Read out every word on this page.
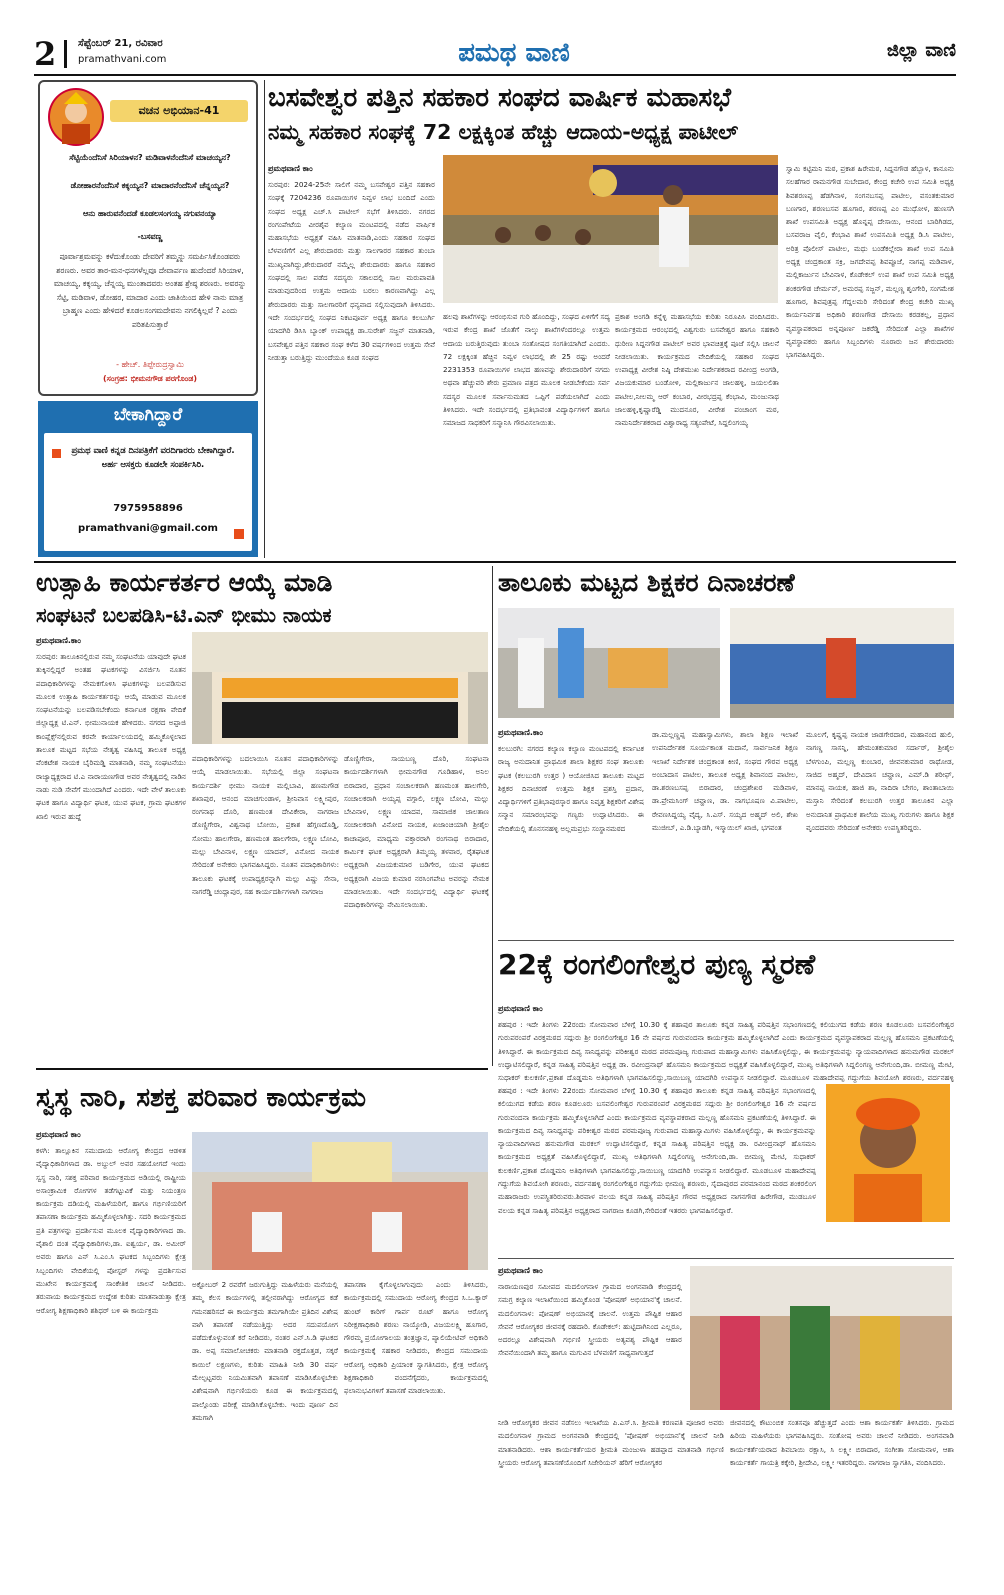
2 ಸೆಪ್ಟೆಂಬರ್ 21, ರವಿವಾರ
pramathvani.com	ಪಮಥ ವಾಣಿ	ಜಿಲ್ಲಾ ವಾಣಿ
ವಚನ ಅಭಿಯಾನ-41
ಸೆಟ್ಟಿಯೆಂದೆನಿಸೆ ಸಿರಿಯಾಳನ? ಮಡಿವಾಳನೆಂದೆನಿಸೆ ಮಾಚಯ್ಯನ?
ಡೋಹಾರನೆಂದೆನಿಸೆ ಕಕ್ಕಯ್ಯನ? ಮಾದಾರನೆಂದೆನಿಸೆ ಚೆನ್ನಯ್ಯನ?
ಆನು ಹಾರುವನೆಂದಡೆ ಕೂಡಲಸಂಗಯ್ಯ ನಗುವನಯ್ಯಾ
-ಬಸವಣ್ಣ
ಪೂರ್ವಾಶ್ರಮವನ್ನು ಕಳೆದುಕೊಂಡು ದೇವರಿಗೆ ತಮ್ಮನ್ನು ಸಮರ್ಪಿಸಿಕೊಂಡವರು ಶರಣರು. ಅವರ ತಾರ-ಮನ-ಧನಗಳೆಲ್ಲವೂ ದೇವಾರ್ಪಣ ಹುದೆಂದರೆ ಸಿರಿಯಾಳ, ಮಾಚಯ್ಯ, ಕಕ್ಕಯ್ಯ, ಚೆನ್ನಯ್ಯ ಮುಂತಾದವರು ಅಂತಹ ಶ್ರೇಷ್ಠ ಶರಣರು. ಅವರನ್ನು ಸೆಟ್ಟಿ, ಮಡಿವಾಳ, ಡೋಹರ, ಮಾದಾರ ಎಂದು ಜಾತಿಯಿಂದ ಹೇಳಿ ನಾನು ಮಾತ್ರ ಬ್ರಾಹ್ಮಣ ಎಂದು ಹೇಳಿದರೆ ಕೂಡಲಸಂಗಮದೇವನು ನಗಲಿಕ್ಕಿಲ್ಲವೆ ? ಎಂದು ಪರಿತಪಿಸುತ್ತಾರೆ
- ಹೇಚ್. ತಿಪ್ಪೇರುದ್ರಸ್ವಾಮಿ
(ಸಂಗ್ರಹ: ಭೀಮನಗೌಡ ಪರಗೊಂಡ)
ಬೇಕಾಗಿದ್ದಾರೆ
ಪ್ರಮಥ ವಾಣಿ ಕನ್ನಡ ದಿನಪತ್ರಿಕೆಗೆ ವರದಿಗಾರರು ಬೇಕಾಗಿದ್ದಾರೆ. ಅರ್ಹ ಆಸಕ್ತರು ಕೂಡಲೇ ಸಂಪರ್ಕಿಸಿರಿ.
7975958896
pramathvani@gmail.com
ಬಸವೇಶ್ವರ ಪತ್ತಿನ ಸಹಕಾರ ಸಂಘದ ವಾರ್ಷಿಕ ಮಹಾಸಭೆ
ನಮ್ಮ ಸಹಕಾರ ಸಂಘಕ್ಕೆ 72 ಲಕ್ಷಕ್ಕಿಂತ ಹೆಚ್ಚು ಆದಾಯ-ಅಧ್ಯಕ್ಷ ಪಾಟೀಲ್
ಪ್ರಮಥವಾಣಿ ಕಾಂ
ಸುರಪುರ: 2024-25ನೇ ಸಾಲಿಗೆ ನಮ್ಮ ಬಸವೇಶ್ವರ ಪತ್ತಿನ ಸಹಕಾರ ಸಂಘಕ್ಕೆ 7204236 ರೂಪಾಯಿಗಳ ನಿವ್ವಳ ಲಾಭ ಬಂದಿದೆ ಎಂದು ಸಂಘದ ಅಧ್ಯಕ್ಷ ಎಚ್.ಸಿ ಪಾಟೀಲ್ ಸಭೆಗೆ ತಿಳಿಸಿದರು. ನಗರದ ರಂಗಂಪೇಟೆಯ ವೀರಶೈವ ಕಲ್ಯಾಣ ಮಂಟಪದಲ್ಲಿ ನಡೆದ ವಾರ್ಷಿಕ ಮಹಾಸಭೆಯ ಅಧ್ಯಕ್ಷತೆ ವಹಿಸಿ ಮಾತನಾಡಿ,ಎಂದು ಸಹಕಾರ ಸಂಘದ ಬೆಳವಣಿಗೆಗೆ ಎಲ್ಲ ಶೇರುದಾರರು ಮತ್ತು ಸಾಲಗಾರರ ಸಹಕಾರ ತುಂಬಾ ಮುಖ್ಯವಾಗಿದ್ದು,ಶೇರುದಾರರೆ ನಮ್ಮೆಲ್ಲ ಶೇರುದಾರರು ಹಾಗೂ ಸಹಕಾರ ಸಂಘದಲ್ಲಿ ಸಾಲ ಪಡೆದ ಸದಸ್ಯರು ಸಕಾಲದಲ್ಲಿ ಸಾಲ ಮರುಪಾವತಿ ಮಾಡುವುದರಿಂದ ಉತ್ತಮ ಆದಾಯ ಬರಲು ಕಾರಣವಾಗಿದ್ದು ಎಲ್ಲ ಶೇರುದಾರರು ಮತ್ತು ಸಾಲಗಾರರಿಗೆ ಧನ್ಯವಾದ ಸಲ್ಲಿಸುವುದಾಗಿ ತಿಳಿಸಿದರು. ಇದೇ ಸಂದರ್ಭದಲ್ಲಿ ಸಂಘದ ನಿಕಟಪೂರ್ವ ಅಧ್ಯಕ್ಷ ಹಾಗೂ ಕಲಬುರ್ಗಿ ಯಾದಗಿರಿ ಡಿಸಿಸಿ ಬ್ಯಾಂಕ್ ಉಪಾಧ್ಯಕ್ಷ ಡಾ.ಸುರೇಶ್ ಸಜ್ಜನ್ ಮಾತನಾಡಿ, ಬಸವೇಶ್ವರ ಪತ್ತಿನ ಸಹಕಾರ ಸಂಘ ಕಳೆದ 30 ವರ್ಷಗಳಿಂದ ಉತ್ತಮ ಸೇವೆ ನೀಡುತ್ತಾ ಬರುತ್ತಿದ್ದು ಮುಂದೆಯೂ ಕೂಡ ಸಂಘದ
ಹಲವು ಶಾಖೆಗಳನ್ನು ಆರಂಭಿಸುವ ಗುರಿ ಹೊಂದಿದ್ದು, ಸಂಘದ ಏಳಿಗೆಗೆ ಸದ್ಯ ಇರುವ ಕೇಂದ್ರ ಶಾಖೆ ಜೊತೆಗೆ ನಾಲ್ಕು ಶಾಖೆಗಳೆಂದರಲ್ಲೂ ಉತ್ತಮ ಆದಾಯ ಬರುತ್ತಿರುವುದು ತುಂಬಾ ಸಂತೋಷದ ಸಂಗತಿಯಾಗಿದೆ ಎಂದರು. 72 ಲಕ್ಷಕ್ಕಿಂತ ಹೆಚ್ಚಿನ ನಿವ್ವಳ ಲಾಭದಲ್ಲಿ ಶೇ 25 ರಷ್ಟು ಅಂದರೆ 2231353 ರೂಪಾಯಿಗಳ ಲಾಭದ ಹಣವನ್ನು ಶೇರುದಾರರಿಗೆ ನಗದು ಅಥವಾ ಹೆಚ್ಚುವರಿ ಶೇರು ಪ್ರಮಾಣ ಪತ್ರದ ಮೂಲಕ ನೀಡಬೇಕೆಂದು ಸರ್ವ ಸದಸ್ಯರ ಮೂಲಕ ಸರ್ವಾನುಮತದ ಒಪ್ಪಿಗೆ ಪಡೆಯಲಾಗಿದೆ ಎಂದು ತಿಳಿಸಿದರು. ಇದೇ ಸಂದರ್ಭದಲ್ಲಿ ಪ್ರತಿಭಾವಂತ ವಿದ್ಯಾರ್ಥಿಗಳಿಗೆ ಹಾಗೂ ಸಮಾಜದ ಸಾಧಕರಿಗೆ ಸನ್ಮಾನಿಸಿ ಗೌರವಿಸಲಾಯಿತು.
ಪ್ರಕಾಶ ಅಂಗಡಿ ಕನ್ನೆಳ್ಳಿ ಮಹಾಸಭೆಯ ಕುರಿತು ನಿರೂಪಿಸಿ ವಂದಿಸಿದರು. ಕಾರ್ಯಕ್ರಮದ ಆರಂಭದಲ್ಲಿ ವಿಶ್ವಗುರು ಬಸವೇಶ್ವರ ಹಾಗೂ ಸಹಕಾರಿ ಧುರೀಣ ಸಿದ್ದನಗೌಡ ಪಾಟೀಲ್ ಅವರ ಭಾವಚಿತ್ರಕ್ಕೆ ಪೂಜೆ ಸಲ್ಲಿಸಿ ಚಾಲನೆ ನೀಡಲಾಯಿತು. ಕಾರ್ಯಕ್ರಮದ ವೇದಿಕೆಯಲ್ಲಿ ಸಹಕಾರ ಸಂಘದ ಉಪಾಧ್ಯಕ್ಷ ವೀರೇಶ ನಿಷ್ಠಿ ದೇಶಮುಖ ನಿರ್ದೇಶಕರಾದ ರವೀಂದ್ರ ಅಂಗಡಿ, ವಿಜಯಕುಮಾರ ಬಂಡೋಳಿ, ಮಲ್ಲಿಕಾರ್ಜುನ ಜಾಲಹಳ್ಳಿ, ಜಯಲಲಿತಾ ಪಾಟೀಲ,ನೀಲಮ್ಮ ಆರ್ ಕಂಬಾರ, ವೀರಭದ್ರಪ್ಪ ಕೆಂಭಾವಿ, ಮಂಜುನಾಥ ಜಾಲಹಳ್ಳಿ,ಕೃಷ್ಣಾರೆಡ್ಡಿ ಮುದನೂರ, ವೀರೇಶ ಪಂಚಾಂಗ ಮಠ, ನಾಮನಿರ್ದೇಶಕರಾದ ವಿಶ್ವಾರಾಧ್ಯ ಸತ್ಯಂಪೇಟೆ, ಸಿದ್ದಲಿಂಗಯ್ಯ
ಸ್ವಾಮಿ ಕಟ್ಟಿಮನಿ ಮಠ, ಪ್ರಕಾಶ ಹಿರೇಮಠ, ಸಿದ್ದನಗೌಡ ಹೆಬ್ಬಾಳ, ಕಾನೂನು ಸಲಹೆಗಾರ ರಾಮನಗೌಡ ಸುಬೇದಾರ, ಕೇಂದ್ರ ಕಚೇರಿ ಉಪ ಸಮಿತಿ ಅಧ್ಯಕ್ಷ ಶಿವಶರಣಪ್ಪ ಹೆಡಗಿನಾಳ, ಸಂಗನಬಸಪ್ಪ ಪಾಟೀಲ, ವಸಂತಕುಮಾರ ಬಣಗಾರ, ಶರಣಬಸವ ಹೂಗಾರ, ಶರಣಪ್ಪ ಎಂ ಮುಧೋಳ, ಹುಣಸಗಿ ಶಾಖೆ ಉಪಸಮಿತಿ ಅಧ್ಯಕ್ಷ ಹೊನ್ನಪ್ಪ ದೇಸಾಯಿ, ಆನಂದ ಬಾರಿಗಿಡದ, ಬಸವರಾಜ ವೈಲಿ, ಕೆಂಭಾವಿ ಶಾಖೆ ಉಪಸಮಿತಿ ಅಧ್ಯಕ್ಷ ಡಿ.ಸಿ ಪಾಟೀಲ, ಅರಿತ್ರ ಪೊಲೀಸ್ ಪಾಟೀಲ, ಮಧು ಬಂಡೆಕಲ್ಲೇರಾ ಶಾಖೆ ಉಪ ಸಮಿತಿ ಅಧ್ಯಕ್ಷ ಚಂದ್ರಕಾಂತ ಸಕ್ರಿ, ಜಗದೇವಪ್ಪ ಶಿವಪ್ಪೂಜೆ, ನಾಗಪ್ಪ ಮಡಿವಾಳ, ಮಲ್ಲಿಕಾರ್ಜುನ ಬೇವಿನಾಳ, ಕೊಡೇಕಲ್ ಉಪ ಶಾಖೆ ಉಪ ಸಮಿತಿ ಅಧ್ಯಕ್ಷ ಶಂಕರಗೌಡ ಚೇರ್ಮನ್, ಅಮರಪ್ಪ ಸಜ್ಜನ್, ಮಲ್ಲಣ್ಣ ಶೃಂಗೇರಿ, ಸಂಗಮೇಶ ಹೂಗಾರ, ಶಿವಪುತ್ರಪ್ಪ ಗೆದ್ದಲಮರಿ ಸೇರಿದಂತೆ ಕೇಂದ್ರ ಕಚೇರಿ ಮುಖ್ಯ ಕಾರ್ಯನಿರ್ವಹ ಅಧಿಕಾರಿ ಶರಣಗೌಡ ದೇಸಾಯಿ ಕರಡಕಲ್ಲ, ಪ್ರಧಾನ ವ್ಯವಸ್ಥಾಪಕರಾದ ಅನ್ನಪೂರ್ಣ ಜಕರೆಡ್ಡಿ ಸೇರಿದಂತೆ ಎಲ್ಲಾ ಶಾಖೆಗಳ ವ್ಯವಸ್ಥಾಪಕರು ಹಾಗೂ ಸಿಬ್ಬಂದಿಗಳು ನೂರಾರು ಜನ ಶೇರುದಾರರು ಭಾಗವಹಿಸಿದ್ದರು.
ಉತ್ಸಾಹಿ ಕಾರ್ಯಕರ್ತರ ಆಯ್ಕೆ ಮಾಡಿ
ಸಂಘಟನೆ ಬಲಪಡಿಸಿ-ಟಿ.ಎನ್ ಭೀಮು ನಾಯಕ
ಪ್ರಮಥವಾಣಿ.ಕಾಂ
ಸುರಪುರ: ತಾಲೂಕಿನಲ್ಲಿರುವ ನಮ್ಮ ಸಂಘಟನೆಯ ಯಾವುದೇ ಘಟಕ ತುಕ್ಕಿನಲ್ಲಿದ್ದರೆ ಅಂತಹ ಘಟಕಗಳನ್ನು ವಿಸರ್ಜಿಸಿ ನೂತನ ಪದಾಧಿಕಾರಿಗಳನ್ನು ನೇಮಕಗೊಳಿಸಿ ಘಟಕಗಳನ್ನು ಬಲಪಡಿಸುವ ಮೂಲಕ ಉತ್ಸಾಹಿ ಕಾರ್ಯಕರ್ತರನ್ನು ಆಯ್ಕೆ ಮಾಡುವ ಮೂಲಕ ಸಂಘಟನೆಯನ್ನು ಬಲಪಡಿಸಬೇಕೆಂದು ಕರ್ನಾಟಕ ರಕ್ಷಣಾ ವೇದಿಕೆ ಜಿಲ್ಲಾಧ್ಯಕ್ಷ ಟಿ.ಎನ್. ಭೀಮುನಾಯಕ ಹೇಳಿದರು. ನಗರದ ಅಪ್ಪಾಜಿ ಕಾಂಪ್ಲೆಕ್ಸ್‌ನಲ್ಲಿರುವ ಕರವೇ ಕಾರ್ಯಾಲಯದಲ್ಲಿ ಹಮ್ಮಿಕೊಳ್ಳಲಾದ ತಾಲೂಕ ಮಟ್ಟದ ಸಭೆಯ ನೇತೃತ್ವ ವಹಿಸಿದ್ದ ತಾಲೂಕ ಅಧ್ಯಕ್ಷ ವೆಂಕಟೇಶ ನಾಯಕ ಬೈರಿಮಡ್ಡಿ ಮಾತನಾಡಿ, ನಮ್ಮ ಸಂಘಟನೆಯು ರಾಜ್ಯಾಧ್ಯಕ್ಷರಾದ ಟಿ.ಎ ನಾರಾಯಣಗೌಡ ಅವರ ನೇತೃತ್ವದಲ್ಲಿ ನಾಡಿನ ನಾಡು ನುಡಿ ಸೇವೆಗೆ ಮುಂದಾಗಿದೆ ಎಂದರು. ಇದೇ ವೇಳೆ ತಾಲೂಕು ಘಟಕ ಹಾಗೂ ವಿದ್ಯಾರ್ಥಿ ಘಟಕ, ಯುವ ಘಟಕ, ಗ್ರಾಮ ಘಟಕಗಳ ಖಾಲಿ ಇರುವ ಹುದ್ದೆ
ಪದಾಧಿಕಾರಿಗಳನ್ನು ಬದಲಾಯಿಸಿ ನೂತನ ಪದಾಧಿಕಾರಿಗಳನ್ನು ಆಯ್ಕೆ ಮಾಡಲಾಯಿತು. ಸಭೆಯಲ್ಲಿ ಜಿಲ್ಲಾ ಸಂಘಟನಾ ಕಾರ್ಯದರ್ಶಿ ಭೀಮು ನಾಯಕ ಮಲ್ಲಿಬಾವಿ, ಹಣಮಗೌಡ ಶಖಾಪುರ, ಆನಂದ ಮಾಚಗುಂಡಾಳ, ಶ್ರೀನಿವಾಸ ಲಕ್ಷ್ಮೀಪುರ, ರಂಗನಾಥ ದೊರಿ, ಹಣಮಂತ ದೇವಿಕೇರಾ, ನಾಗರಾಜ ಡೊಣ್ಣಿಗೇರಾ, ವಿಶ್ವನಾಥ ಬೋಯಿ, ಪ್ರಕಾಶ ಹೆಗ್ಗಣದೊಡ್ಡಿ, ಸೋಮು ಹಾಲಗೇರಾ, ಹಣಮಂತ ಹಾಲಗೇರಾ, ಲಕ್ಷ್ಮಣ ಬೋವಿ, ಮಲ್ಲು ಬೇವಿನಾಳ, ಲಕ್ಷ್ಮಣ ಯಾದವ್, ವಿನೋದ ನಾಯಕ ಸೇರಿದಂತೆ ಅನೇಕರು ಭಾಗವಹಿಸಿದ್ದರು. ನೂತನ ಪದಾಧಿಕಾರಿಗಳು: ತಾಲೂಕು ಘಟಕಕ್ಕೆ ಉಪಾಧ್ಯಕ್ಷರನ್ನಾಗಿ ಮಲ್ಲು ವಿಷ್ಣು ಸೇನಾ, ನಾಗರೆಡ್ಡಿ ಚಂದ್ಲಾಪುರ, ಸಹ ಕಾರ್ಯದರ್ಶಿಗಳಾಗಿ ನಾಗರಾಜ
ಡೊಣ್ಣಿಗೇರಾ, ಸಾಯಬಣ್ಣ ದೊರಿ, ಸಂಘಟನಾ ಕಾರ್ಯದರ್ಶಿಗಳಾಗಿ ಭೀಮನಗೌಡ ಗೂಡಿಹಾಳ, ಅನಿಲ ಬಿರಾದಾರ, ಪ್ರಧಾನ ಸಂಚಾಲಕರಾಗಿ ಹಣಮಂತ ಹಾಲಗೇರಿ, ಸಂಚಾಲಕರಾಗಿ ಅಯ್ಯಪ್ಪ ವಗ್ಗಾಲಿ, ಲಕ್ಷ್ಮಣ ಬೋವಿ, ಮಲ್ಲು ಬೇವಿನಾಳ, ಲಕ್ಷ್ಮಣ ಯಾದವ, ಸಾಮಾಜಿಕ ಜಾಲತಾಣ ಸಂಚಾಲಕರಾಗಿ ವಿನೋದ ನಾಯಕ, ಖಜಾಂಚಿಯಾಗಿ ಶ್ರೀಶೈಲ ಕಾಚಾಪೂರ, ಮಾಧ್ಯಮ ವಕ್ತಾರರಾಗಿ ರಂಗನಾಥ ಬಿರಾದಾರ, ಕಾರ್ಮಿಕ ಘಟಕ ಅಧ್ಯಕ್ಷರಾಗಿ ತಿಮ್ಮಯ್ಯ ತಳವಾರ, ರೈತಘಟಕ ಅಧ್ಯಕ್ಷರಾಗಿ ವಿಜಯಕುಮಾರ ಬಡಿಗೇರ, ಯುವ ಘಟಕದ ಅಧ್ಯಕ್ಷರಾಗಿ ವಿಜಯ ಕುಮಾರ ನರಸಿಂಗಪೇಟ ಅವರನ್ನು ನೇಮಕ ಮಾಡಲಾಯಿತು. ಇದೇ ಸಂದರ್ಭದಲ್ಲಿ ವಿದ್ಯಾರ್ಥಿ ಘಟಕಕ್ಕೆ ಪದಾಧಿಕಾರಿಗಳನ್ನು ನೇಮಿಸಲಾಯಿತು.
ತಾಲೂಕು ಮಟ್ಟದ ಶಿಕ್ಷಕರ ದಿನಾಚರಣೆ
ಪ್ರಮಥವಾಣಿ.ಕಾಂ
ಕಲಬುರಗಿ: ನಗರದ ಕಲ್ಯಾಣ ಕಲ್ಯಾಣ ಮಂಟಪದಲ್ಲಿ ಕರ್ನಾಟಕ ರಾಜ್ಯ ಅನುದಾನಿತ ಪ್ರಾಥಮಿಕ ಶಾಲಾ ಶಿಕ್ಷಕರ ಸಂಘ ತಾಲೂಕು ಘಟಕ (ಕಲಬುರಗಿ ಉತ್ತರ ) ಆಯೋಜಿಸಿದ ತಾಲೂಕು ಮಟ್ಟದ ಶಿಕ್ಷಕರ ದಿನಾಚರಣೆ ಉತ್ತಮ ಶಿಕ್ಷಕ ಪ್ರಶಸ್ತಿ ಪ್ರದಾನ, ವಿದ್ಯಾರ್ಥಿಗಳಿಗೆ ಪ್ರತಿಭಾಪುರಸ್ಕಾರ ಹಾಗೂ ನಿವೃತ್ತ ಶಿಕ್ಷಕರಿಗೆ ವಿಶೇಷ ಸನ್ಮಾನ ಸಮಾರಂಭವನ್ನು ಗಣ್ಯರು ಉದ್ಘಾಟಿಸಿದರು. ಈ ವೇದಿಕೆಯಲ್ಲಿ ತೊನಸನಹಳ್ಳಿ ಅಲ್ಲಮಪ್ರಭು ಸಂಸ್ಥಾನಮಠದ
ಡಾ.ಮಲ್ಲಣ್ಣಪ್ಪ ಮಹಾಸ್ವಾಮಿಗಳು, ಶಾಲಾ ಶಿಕ್ಷಣ ಇಲಾಖೆ ಉಪನಿರ್ದೇಶಕ ಸೂರ್ಯಕಾಂತ ಮದಾನೆ, ಸಾರ್ವಜನಿಕ ಶಿಕ್ಷಣ ಇಲಾಖೆ ನಿರ್ದೇಶಕ ಚಂದ್ರಕಾಂತ ಕೀಣಿ, ಸಂಘದ ಗೌರವ ಅಧ್ಯಕ್ಷ ಅಂಬಾದಾಸ ಪಾಟೀಲ, ತಾಲೂಕ ಅಧ್ಯಕ್ಷ ಶಿವಾನಂದ ಪಾಟೀಲ, ಡಾ.ಶರಣಬಸಪ್ಪ ಬಿರಾದಾರ, ಚಂದ್ರಶೇಖರ ಮಡಿವಾಳ, ಡಾ.ಪ್ರೇಮಸಿಂಗ್ ಚವ್ಹಾಣ, ಡಾ. ನಾಗಭೂಷಣ ವಿ.ಪಾಟೀಲ, ರೇವಣಸಿದ್ದಯ್ಯ ವೈದ್ಯ, ಸಿ.ಎಸ್. ಸಯ್ಯದ ಅಹ್ಮದ್ ಅಲಿ, ಶೇಖ ಮುಜೀಬ್, ಎ.ಡಿ.ಬ್ಯಾಡಗಿ, ಇಸ್ಮಾಯಿಲ್ ಖಾಜಿ, ಭಗವಂತ
ಮೂಲಗೆ, ಕೃಷ್ಣಪ್ಪ ನಾಯಕ ಜಾಡಗೇರದಾರ, ಮಹಾನಂದ ಹುಲಿ, ನಾಗಣ್ಣ ಸಾಸನ್ನಿ, ಹೇಮಂತಕುಮಾರ ಸರ್ದಾರ್, ಶ್ರೀಶೈಲ ಬೆಳಗುಂಪಿ, ಮಲ್ಲಣ್ಣ ಕುಂಬಾರ, ಜೀವನಕುಮಾರ ರಾಥೋಡ, ಸಾಜಿದ ಅಹ್ಮದ್, ದೇವಿದಾಸ ಚವ್ಹಾಣ, ಎಮ್.ಡಿ ಶರೀಫ್, ಮಾನಪ್ಪ ನಾಯಕ, ಹಾಜಿ ಶಾ, ನಾದಿರಾ ಬೇಗಂ, ಶಾಂತಾಬಾಯಿ ಮಸ್ತಾನಿ ಸೇರಿದಂತೆ ಕಲಬುರಗಿ ಉತ್ತರ ತಾಲೂಕಿನ ಎಲ್ಲಾ ಅನುದಾನಿತ ಪ್ರಾಥಮಿಕ ಶಾಲೆಯ ಮುಖ್ಯ ಗುರುಗಳು ಹಾಗೂ ಶಿಕ್ಷಕ ವೃಂದದವರು ಸೇರಿದಂತೆ ಅನೇಕರು ಉಪಸ್ಥಿತರಿದ್ದರು.
22ಕ್ಕೆ ರಂಗಲಿಂಗೇಶ್ವರ ಪುಣ್ಯ ಸ್ಮರಣೆ
ಪ್ರಮಥವಾಣಿ ಕಾಂ
ಶಹಪುರ : ಇದೇ ತಿಂಗಳು 22ರಂದು ಸೋಮವಾರ ಬೆಳಿಗ್ಗೆ 10.30 ಕ್ಕೆ ಶಹಾಪುರ ತಾಲೂಕು ಕನ್ನಡ ಸಾಹಿತ್ಯ ಪರಿಷತ್ತಿನ ಸಭಾಂಗಣದಲ್ಲಿ ಕಲಿಯುಗದ ಕಡೆಯ ಶರಣ ಕೂಡಲೂರು ಬಸವಲಿಂಗೇಶ್ವರ ಗುರುಪರಂಪರೆ ವಿರಕ್ತಮಠದ ಸದ್ಗುರು ಶ್ರೀ ರಂಗಲಿಂಗೇಶ್ವರ 16 ನೇ ವರ್ಷದ ಗುರುವಂದನಾ ಕಾರ್ಯಕ್ರಮ ಹಮ್ಮಿಕೊಳ್ಳಲಾಗಿದೆ ಎಂದು ಕಾರ್ಯಕ್ರಮದ ವ್ಯವಸ್ಥಾಪಕರಾದ ಮಲ್ಲಣ್ಣ ಹೊಸಮನಿ ಪ್ರಕಟಣೆಯಲ್ಲಿ ತಿಳಿಸಿದ್ದಾರೆ. ಈ ಕಾರ್ಯಕ್ರಮದ ದಿವ್ಯ ಸಾನಿಧ್ಯವನ್ನು ಪರಿಕೀಶ್ವರ ಮಠದ ಪರಮಪೂಜ್ಯ ಗುರುಪಾದ ಮಹಾಸ್ವಾಮಿಗಳು ವಹಿಸಿಕೊಳ್ಳಲಿದ್ದು, ಈ ಕಾರ್ಯಕ್ರಮವನ್ನು ನ್ಯಾಯವಾದಿಗಳಾದ ಹನುಮಗೌಡ ಮರಕಲ್ ಉದ್ಘಾಟಿಸಲಿದ್ದಾರೆ, ಕನ್ನಡ ಸಾಹಿತ್ಯ ಪರಿಷತ್ತಿನ ಅಧ್ಯಕ್ಷ ಡಾ. ರವೀಂದ್ರನಾಥ್ ಹೊಸಮನಿ ಕಾರ್ಯಕ್ರಮದ ಅಧ್ಯಕ್ಷತೆ ವಹಿಸಿಕೊಳ್ಳಲಿದ್ದಾರೆ, ಮುಖ್ಯ ಅತಿಥಿಗಳಾಗಿ ಸಿದ್ದಲಿಂಗಣ್ಣ ಆನೇಗುಂದಿ,ಡಾ. ಬೀಮಣ್ಣ ಮೇಟಿ, ಸುಧಾಕರ್ ಕುಲಕರ್ಣಿ,ಪ್ರಕಾಶ ದೊಡ್ಡಮನಿ ಅತಿಥಿಗಳಾಗಿ ಭಾಗವಹಿಸಲಿದ್ದು,ಸಾಯಿಬಣ್ಣ ಯಾದಗಿರಿ ಉಪನ್ಯಾಸ ನೀಡಲಿದ್ದಾರೆ. ಮೂಡಬೂಳ ಮಹಾದೇವಪ್ಪ ಗದ್ದುಗೆಯ ಶಿವಯೋಗಿ ಶರಣರು, ವರ್ದನಹಳ್ಳಿ
ಶಹಪುರ : ಇದೇ ತಿಂಗಳು 22ರಂದು ಸೋಮವಾರ ಬೆಳಿಗ್ಗೆ 10.30 ಕ್ಕೆ ಶಹಾಪುರ ತಾಲೂಕು ಕನ್ನಡ ಸಾಹಿತ್ಯ ಪರಿಷತ್ತಿನ ಸಭಾಂಗಣದಲ್ಲಿ ಕಲಿಯುಗದ ಕಡೆಯ ಶರಣ ಕೂಡಲೂರು ಬಸವಲಿಂಗೇಶ್ವರ ಗುರುಪರಂಪರೆ ವಿರಕ್ತಮಠದ ಸದ್ಗುರು ಶ್ರೀ ರಂಗಲಿಂಗೇಶ್ವರ 16 ನೇ ವರ್ಷದ ಗುರುವಂದನಾ ಕಾರ್ಯಕ್ರಮ ಹಮ್ಮಿಕೊಳ್ಳಲಾಗಿದೆ ಎಂದು ಕಾರ್ಯಕ್ರಮದ ವ್ಯವಸ್ಥಾಪಕರಾದ ಮಲ್ಲಣ್ಣ ಹೊಸಮನಿ ಪ್ರಕಟಣೆಯಲ್ಲಿ ತಿಳಿಸಿದ್ದಾರೆ. ಈ ಕಾರ್ಯಕ್ರಮದ ದಿವ್ಯ ಸಾನಿಧ್ಯವನ್ನು ಪರಿಕೀಶ್ವರ ಮಠದ ಪರಮಪೂಜ್ಯ ಗುರುಪಾದ ಮಹಾಸ್ವಾಮಿಗಳು ವಹಿಸಿಕೊಳ್ಳಲಿದ್ದು, ಈ ಕಾರ್ಯಕ್ರಮವನ್ನು ನ್ಯಾಯವಾದಿಗಳಾದ ಹನುಮಗೌಡ ಮರಕಲ್ ಉದ್ಘಾಟಿಸಲಿದ್ದಾರೆ, ಕನ್ನಡ ಸಾಹಿತ್ಯ ಪರಿಷತ್ತಿನ ಅಧ್ಯಕ್ಷ ಡಾ. ರವೀಂದ್ರನಾಥ್ ಹೊಸಮನಿ ಕಾರ್ಯಕ್ರಮದ ಅಧ್ಯಕ್ಷತೆ ವಹಿಸಿಕೊಳ್ಳಲಿದ್ದಾರೆ, ಮುಖ್ಯ ಅತಿಥಿಗಳಾಗಿ ಸಿದ್ದಲಿಂಗಣ್ಣ ಆನೇಗುಂದಿ,ಡಾ. ಬೀಮಣ್ಣ ಮೇಟಿ, ಸುಧಾಕರ್ ಕುಲಕರ್ಣಿ,ಪ್ರಕಾಶ ದೊಡ್ಡಮನಿ ಅತಿಥಿಗಳಾಗಿ ಭಾಗವಹಿಸಲಿದ್ದು,ಸಾಯಿಬಣ್ಣ ಯಾದಗಿರಿ ಉಪನ್ಯಾಸ ನೀಡಲಿದ್ದಾರೆ. ಮೂಡಬೂಳ ಮಹಾದೇವಪ್ಪ ಗದ್ದುಗೆಯ ಶಿವಯೋಗಿ ಶರಣರು, ವರ್ದನಹಳ್ಳಿ ರಂಗಲಿಂಗೇಶ್ವರ ಗದ್ದುಗೆಯ ಭೀಮಣ್ಣ ಶರಣರು, ಸೈದಾಪುರದ ಪರಮಾನಂದ ಮಠದ ಶಂಕರಲಿಂಗ ಮಹಾರಾಜರು ಉಪಸ್ಥಿತರಿರುವರು.ಶಿರವಾಳ ವಲಯ ಕನ್ನಡ ಸಾಹಿತ್ಯ ಪರಿಷತ್ತಿನ ಗೌರವ ಅಧ್ಯಕ್ಷರಾದ ನಾಗನಗೌಡ ಹಿರೇಗೌಡ, ಮುಡಬೂಳ ವಲಯ ಕನ್ನಡ ಸಾಹಿತ್ಯ ಪರಿಷತ್ತಿನ ಅಧ್ಯಕ್ಷರಾದ ನಾಗರಾಜ ಕೂಡಗಿ,ಸೇರಿದಂತೆ ಇತರರು ಭಾಗವಹಿಸಲಿದ್ದಾರೆ.
ಸ್ವಸ್ಥ ನಾರಿ, ಸಶಕ್ತ ಪರಿವಾರ ಕಾರ್ಯಕ್ರಮ
ಪ್ರಮಥವಾಣಿ ಕಾಂ
ಕಳಗಿ: ತಾಲ್ಲೂಕಿನ ಸಮುದಾಯ ಆರೋಗ್ಯ ಕೇಂದ್ರದ ಆಡಳಿತ ವೈದ್ಯಾಧಿಕಾರಿಗಳಾದ ಡಾ. ಅಬ್ದುಲ್ ಅವರ ಸಹಯೋಗದೆ ಇಂದು ಸ್ವಸ್ಥ ನಾರಿ, ಸಶಕ್ತ ಪರಿವಾರ ಕಾರ್ಯಕ್ರಮದ ಅಡಿಯಲ್ಲಿ ರಾಷ್ಟ್ರೀಯ ಅಸಾಂಕ್ರಾಮಿಕ ರೋಗಗಳ ತಡೆಗಟ್ಟುವಿಕೆ ಮತ್ತು ನಿಯಂತ್ರಣ ಕಾರ್ಯಕ್ರಮ ದಡಿಯಲ್ಲಿ ಮಹಿಳೆಯರಿಗೆ, ಹಾಗೂ ಗರ್ಭಿಣಿಯರಿಗೆ ತಪಾಸಣಾ ಕಾರ್ಯಕ್ರಮ ಹಮ್ಮಿಕೊಳ್ಳಲಾಗಿತ್ತು. ಸದರಿ ಕಾರ್ಯಕ್ರಮದ ಪ್ರತಿ ಪತ್ರಗಳನ್ನು ಪ್ರದರ್ಶಿಸುವ ಮೂಲಕ ವೈದ್ಯಾಧಿಕಾರಿಗಳಾದ ಡಾ. ವೈಶಾಲಿ ದಂತ ವೈದ್ಯಾಧಿಕಾರಿಗಳು,ಡಾ. ಐಶ್ವರ್ಯ, ಡಾ. ಅಮೀರ್ ಅವರು ಹಾಗೂ ಎನ್ ಸಿ.ಎಂ.ಸಿ ಘಟಕದ ಸಿಬ್ಬಂದಿಗಳು ಕ್ಷೇತ್ರ ಸಿಬ್ಬಂದಿಗಳು ವೇದಿಕೆಯಲ್ಲಿ ಪೋಸ್ಟರ್ ಗಳನ್ನು ಪ್ರದರ್ಶಿಸುವ ಮುಖೇನ ಕಾರ್ಯಕ್ರಮಕ್ಕೆ ಸಾಂಕೇತಿಕ ಚಾಲನೆ ನೀಡಿದರು. ತರುವಾಯ ಕಾರ್ಯಕ್ರಮದ ಉದ್ದೇಶ ಕುರಿತು ಮಾತನಾಡುತ್ತಾ ಕ್ಷೇತ್ರ ಆರೋಗ್ಯ ಶಿಕ್ಷಣಾಧಿಕಾರಿ ಶಶಿಧರ್ ಬಳಿ ಈ ಕಾರ್ಯಕ್ರಮ
ಅಕ್ಟೋಬರ್ 2 ರವರೆಗೆ ಜರುಗುತ್ತಿದ್ದು ಮಹಿಳೆಯರು ಮನೆಯಲ್ಲಿ ತಮ್ಮ ಕೆಲಸ ಕಾರ್ಯಗಳಲ್ಲಿ ತಲ್ಲೀನರಾಗಿದ್ದು ಆರೋಗ್ಯದ ಕಡೆ ಗಮನಹರಿಸದೆ ಈ ಕಾರ್ಯಕ್ರಮ ತಮಗಾಗಿಯೇ ಪ್ರತಿದಿನ ವಿಶೇಷ ವಾಗಿ ತಪಾಸಣೆ ನಡೆಯುತ್ತಿದ್ದು ಅದರ ಸದುಪಯೋಗ ಪಡೆದುಕೊಳ್ಳುವಂತೆ ಕರೆ ನೀಡಿದರು, ನಂತರ ಎನ್.ಸಿ.ಡಿ ಘಟಕದ ಡಾ. ಅಪ್ಪ ಸಮಾಲೋಚಕರು ಮಾತನಾಡಿ ರಕ್ತದೊತ್ತಡ, ಸಕ್ಕರೆ ಕಾಯಿಲೆ ಲಕ್ಷಣಗಳು, ಕುರಿತು ಮಾಹಿತಿ ನೀಡಿ 30 ವರ್ಷ ಮೇಲ್ಪಟ್ಟವರು ನಿಯಮಿತವಾಗಿ ತಪಾಸಣೆ ಮಾಡಿಸಿಕೊಳ್ಳಬೇಕು ವಿಶೇಷವಾಗಿ ಗರ್ಭಿಣಿಯರು ಕೂಡ ಈ ಕಾರ್ಯಕ್ರಮದಲ್ಲಿ ಪಾಲ್ಗೊಂಡು ಪರೀಕ್ಷೆ ಮಾಡಿಸಿಕೊಳ್ಳಬೇಕು. ಇಂದು ಪೂರ್ಣ ದಿನ ತಮಗಾಗಿ
ತಪಾಸಣಾ ಕೈಗೊಳ್ಳಲಾಗುವುದು ಎಂದು ತಿಳಿಸಿದರು, ಕಾರ್ಯಕ್ರಮದಲ್ಲಿ ಸಮುದಾಯ ಆರೋಗ್ಯ ಕೇಂದ್ರದ ಸಿ.ಒ.ಕ್ಯಾರ್ ಹುಂಟ್ ಕಾರಿಗ್ ಗಾರ್ಪ ರೂಟ್ ಹಾಗೂ ಆರೋಗ್ಯ ನಿರೀಕ್ಷಣಾಧಿಕಾರಿ ಶರಣು ನಾಯ್ಕೋಡಿ, ವಿಜಯಲಕ್ಷ್ಮಿ ಹೂಗಾರ, ಗೌರಮ್ಮ ಪ್ರಯೋಗಾಲಯ ತಂತ್ರಜ್ಞಾನ, ಪ್ಯಾಲಿಯೇಟಿವ್ ಅಧಿಕಾರಿ ಕಾರ್ಯಕ್ರಮಕ್ಕೆ ಸಹಕಾರ ನೀಡಿದರು, ಕೇಂದ್ರದ ಸಮುದಾಯ ಆರೋಗ್ಯ ಅಧಿಕಾರಿ ಪ್ರಿಯಾಂಕ ಸ್ವಾಗತಿಸಿದರು, ಕ್ಷೇತ್ರ ಆರೋಗ್ಯ ಶಿಕ್ಷಣಾಧಿಕಾರಿ ವಂದನೆಗೈದರು, ಕಾರ್ಯಕ್ರಮದಲ್ಲಿ ಫಲಾನುಭವಿಗಳಿಗೆ ತಪಾಸಣೆ ಮಾಡಲಾಯಿತು.
ಪ್ರಮಥವಾಣಿ ಕಾಂ
ನಾರಾಯಣಪುರ ಸಮೀಪದ ಮದಲಿಂಗನಾಳ ಗ್ರಾಮದ ಅಂಗನವಾಡಿ ಕೇಂದ್ರದಲ್ಲಿ ಸಮಗ್ರ ಕಲ್ಯಾಣ ಇಲಾಖೆಯಿಂದ ಹಮ್ಮಿಕೊಂಡ 'ಪೋಷಣ್ ಅಭಿಯಾನ'ಕ್ಕೆ ಚಾಲನೆ. ಮದಲಿಂಗನಾಳ: ಪೋಷಣ್ ಅಭಿಯಾನಕ್ಕೆ ಚಾಲನೆ. ಉತ್ತಮ ಪೌಷ್ಟಿಕ ಆಹಾರ ಸೇವನೆ ಆರೋಗ್ಯಕರ ಜೀವನಕ್ಕೆ ರಹದಾರಿ. ಕೊಡೇಕಲ್: ಹುಟ್ಟಿದಾಗಿನಿಂದ ಎಲ್ಲರೂ, ಅದರಲ್ಲೂ ವಿಶೇಷವಾಗಿ ಗರ್ಭಿಣಿ ಸ್ತ್ರೀಯರು ಅತ್ಯವಶ್ಯ ಪೌಷ್ಟಿಕ ಆಹಾರ ಸೇವನೆಯಿಂದಾಗಿ ತಮ್ಮ ಹಾಗೂ ಮಗುವಿನ ಬೆಳವಣಿಗೆ ಸಾಧ್ಯವಾಗುತ್ತದೆ
ನೀಡಿ ಆರೋಗ್ಯಕರ ಜೀವನ ನಡೆಸಲು ಇಲಾಖೆಯ ಪಿ.ಎಸ್.ಸಿ. ಶ್ರೀಮತಿ ಕರಣಪತಿ ಪೂಜಾರ ಅವರು ಮದಲಿಂಗನಾಳ ಗ್ರಾಮದ ಅಂಗನವಾಡಿ ಕೇಂದ್ರದಲ್ಲಿ 'ಪೋಷಣ್ ಅಭಿಯಾನ'ಕ್ಕೆ ಚಾಲನೆ ನೀಡಿ ಮಾತನಾಡಿದರು. ಆಶಾ ಕಾರ್ಯಕರ್ತೆಯರ ಶ್ರೀಮತಿ ಮಂಜುಳಾ ಹಡಪ್ಪಾದ ಮಾತನಾಡಿ ಗರ್ಭಿಣಿ ಸ್ತ್ರೀಯರು ಆರೋಗ್ಯ ತಪಾಸಣೆಯೊಂದಿಗೆ ಸಿಜೇರಿಯನ್ ಹೆರಿಗೆ ಆರೋಗ್ಯಕರ
ಜೀವನದಲ್ಲಿ ಕೌಟುಂಬಿಕ ಸಂತಸವೂ ಹೆಚ್ಚುತ್ತದೆ ಎಂದು ಆಶಾ ಕಾರ್ಯಕರ್ತೆ ತಿಳಿಸಿದರು. ಗ್ರಾಮದ ಹಿರಿಯ ಮಹಿಳೆಯರು ಭಾಗವಹಿಸಿದ್ದರು. ಸಂತೋಷ ಅವರು ಚಾಲನೆ ನೀಡಿದರು. ಅಂಗನವಾಡಿ ಕಾರ್ಯಕರ್ತೆಯರಾದ ಶಿವಬಾಯಿ ರಕ್ಷಾಸಿ, ಸಿ ಲಕ್ಷ್ಮೀ ಬಿರಾದಾರ, ಸಂಗೀತಾ ಸೋಮನಾಳ, ಆಶಾ ಕಾರ್ಯಕರ್ತೆ ಗಾಯತ್ರಿ ಕಕ್ಕೇರಿ, ಶ್ರೀದೇವಿ, ಲಕ್ಷ್ಮೀ ಇತರರಿದ್ದರು. ನಾಗರಾಜ ಸ್ವಾಗತಿಸಿ, ವಂದಿಸಿದರು.
